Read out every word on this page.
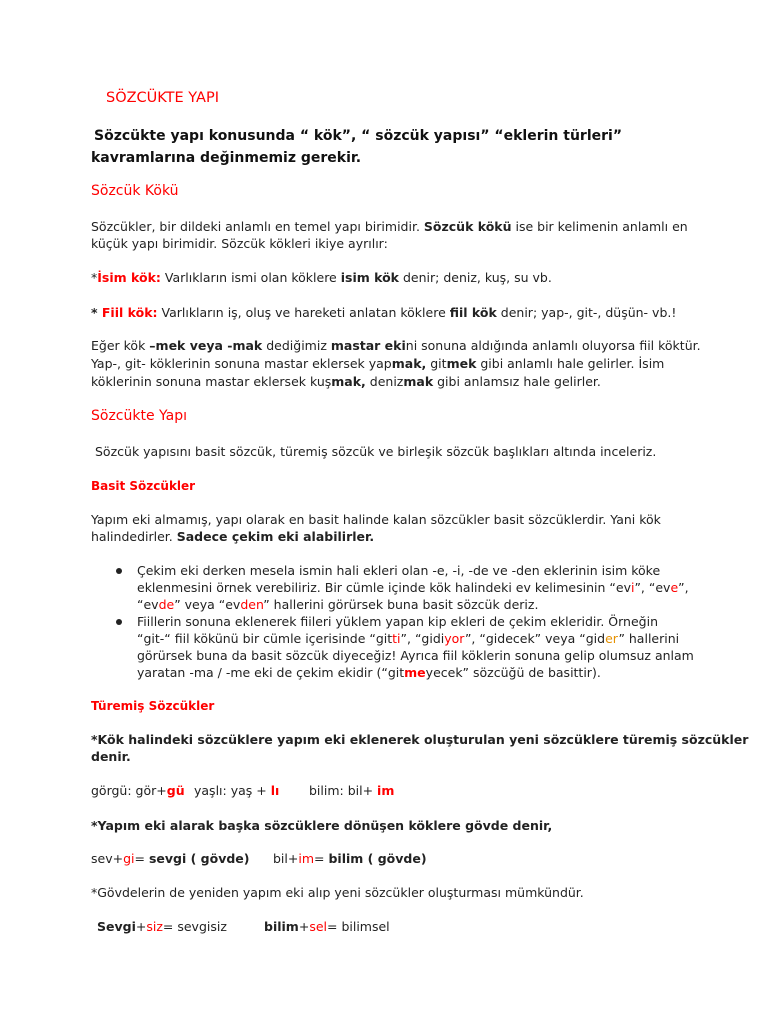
SÖZCÜKTE YAPI
Sözcükte yapı konusunda “ kök”, “ sözcük yapısı” “eklerin türleri”
kavramlarına değinmemiz gerekir.
Sözcük Kökü
Sözcükler, bir dildeki anlamlı en temel yapı birimidir. Sözcük kökü ise bir kelimenin anlamlı en
küçük yapı birimidir. Sözcük kökleri ikiye ayrılır:
*İsim kök: Varlıkların ismi olan köklere isim kök denir; deniz, kuş, su vb.
* Fiil kök: Varlıkların iş, oluş ve hareketi anlatan köklere fiil kök denir; yap-, git-, düşün- vb.!
Eğer kök –mek veya -mak dediğimiz mastar ekini sonuna aldığında anlamlı oluyorsa fiil köktür.
Yap-, git- köklerinin sonuna mastar eklersek yapmak, gitmek gibi anlamlı hale gelirler. İsim
köklerinin sonuna mastar eklersek kuşmak, denizmak gibi anlamsız hale gelirler.
Sözcükte Yapı
Sözcük yapısını basit sözcük, türemiş sözcük ve birleşik sözcük başlıkları altında inceleriz.
Basit Sözcükler
Yapım eki almamış, yapı olarak en basit halinde kalan sözcükler basit sözcüklerdir. Yani kök
halindedirler. Sadece çekim eki alabilirler.
Çekim eki derken mesela ismin hali ekleri olan -e, -i, -de ve -den eklerinin isim köke
eklenmesini örnek verebiliriz. Bir cümle içinde kök halindeki ev kelimesinin “evi”, “eve”,
“evde” veya “evden” hallerini görürsek buna basit sözcük deriz.
Fiillerin sonuna eklenerek fiileri yüklem yapan kip ekleri de çekim ekleridir. Örneğin
“git-“ fiil kökünü bir cümle içerisinde “gitti”, “gidiyor”, “gidecek” veya “gider” hallerini
görürsek buna da basit sözcük diyeceğiz! Ayrıca fiil köklerin sonuna gelip olumsuz anlam
yaratan -ma / -me eki de çekim ekidir (“gitmeyecek” sözcüğü de basittir).
Türemiş Sözcükler
*Kök halindeki sözcüklere yapım eki eklenerek oluşturulan yeni sözcüklere türemiş sözcükler
denir.
görgü: gör+gü yaşlı: yaş + lı bilim: bil+ im
*Yapım eki alarak başka sözcüklere dönüşen köklere gövde denir,
sev+gi= sevgi ( gövde) bil+im= bilim ( gövde)
*Gövdelerin de yeniden yapım eki alıp yeni sözcükler oluşturması mümkündür.
Sevgi+siz= sevgisiz	bilim+sel= bilimsel
